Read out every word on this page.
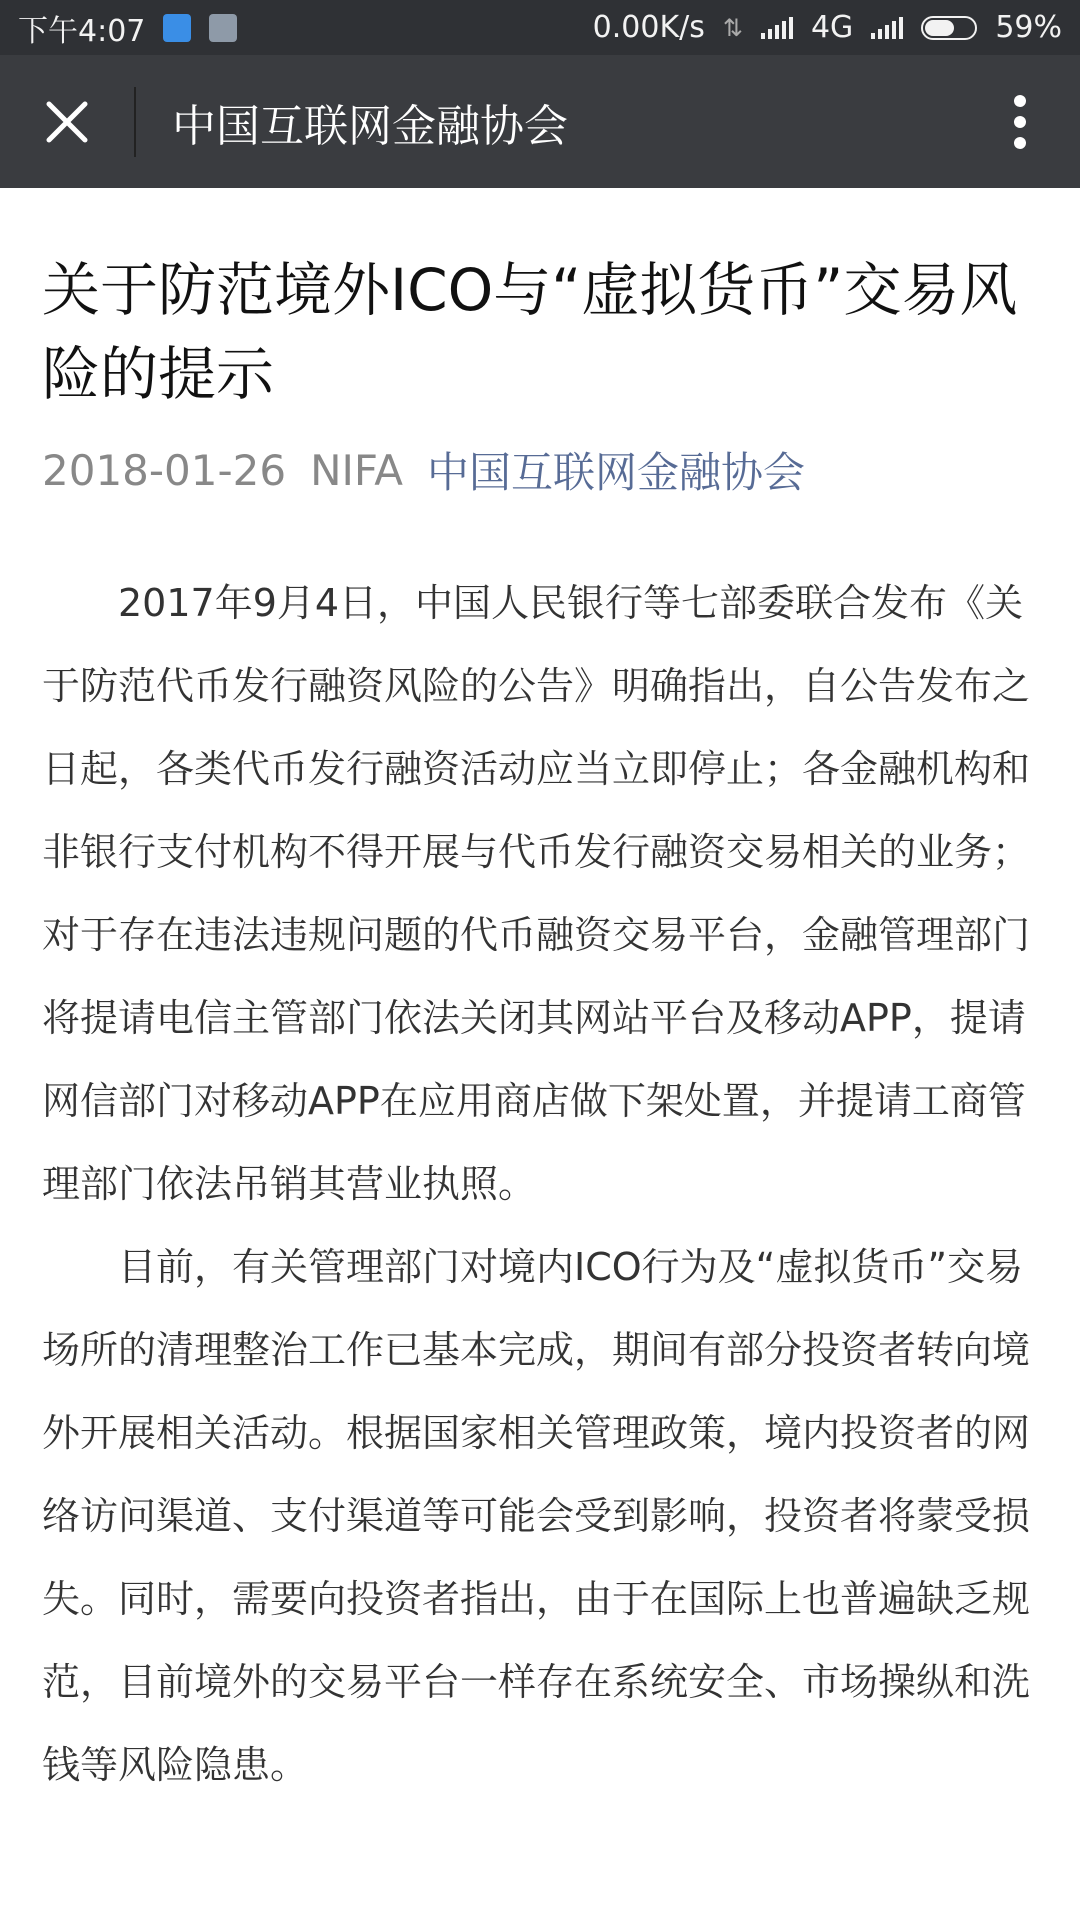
下午4:07	0.00K/s ⇅ 4G	59%
中国互联网金融协会
关于防范境外ICO与“虚拟货币”交易风险的提示
2018-01-26 NIFA 中国互联网金融协会

2017年9月4日，中国人民银行等七部委联合发布《关于防范代币发行融资风险的公告》明确指出，自公告发布之日起，各类代币发行融资活动应当立即停止；各金融机构和非银行支付机构不得开展与代币发行融资交易相关的业务；对于存在违法违规问题的代币融资交易平台，金融管理部门将提请电信主管部门依法关闭其网站平台及移动APP，提请网信部门对移动APP在应用商店做下架处置，并提请工商管理部门依法吊销其营业执照。

目前，有关管理部门对境内ICO行为及“虚拟货币”交易场所的清理整治工作已基本完成，期间有部分投资者转向境外开展相关活动。根据国家相关管理政策，境内投资者的网络访问渠道、支付渠道等可能会受到影响，投资者将蒙受损失。同时，需要向投资者指出，由于在国际上也普遍缺乏规范，目前境外的交易平台一样存在系统安全、市场操纵和洗钱等风险隐患。
